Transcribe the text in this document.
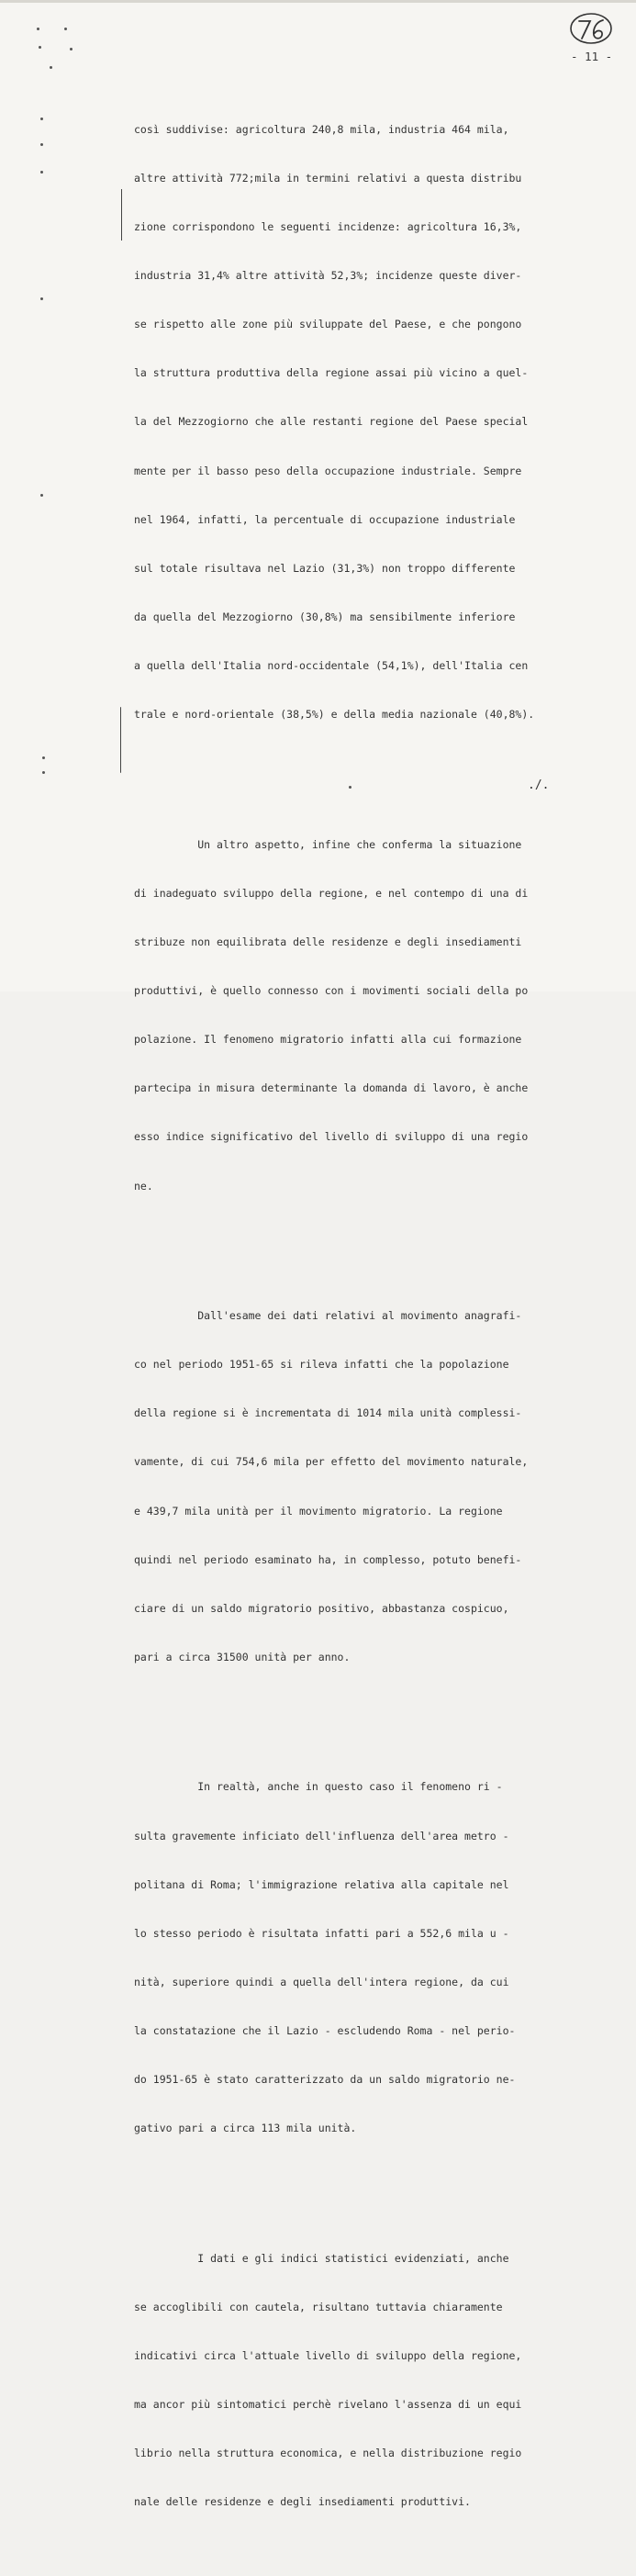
- 11 -

così suddivise: agricoltura 240,8 mila, industria 464 mila,

altre attività 772;mila in termini relativi a questa distribu

zione corrispondono le seguenti incidenze: agricoltura 16,3%,

industria 31,4% altre attività 52,3%; incidenze queste diver-

se rispetto alle zone più sviluppate del Paese, e che pongono

la struttura produttiva della regione assai più vicino a quel-

la del Mezzogiorno che alle restanti regione del Paese special

mente per il basso peso della occupazione industriale. Sempre

nel 1964, infatti, la percentuale di occupazione industriale

sul totale risultava nel Lazio (31,3%) non troppo differente

da quella del Mezzogiorno (30,8%) ma sensibilmente inferiore

a quella dell'Italia nord-occidentale (54,1%), dell'Italia cen

trale e nord-orientale (38,5%) e della media nazionale (40,8%).

Un altro aspetto, infine che conferma la situazione

di inadeguato sviluppo della regione, e nel contempo di una di

stribuze non equilibrata delle residenze e degli insediamenti

produttivi, è quello connesso con i movimenti sociali della po

polazione. Il fenomeno migratorio infatti alla cui formazione

partecipa in misura determinante la domanda di lavoro, è anche

esso indice significativo del livello di sviluppo di una regio

ne.

Dall'esame dei dati relativi al movimento anagrafi-

co nel periodo 1951-65 si rileva infatti che la popolazione

della regione si è incrementata di 1014 mila unità complessi-

vamente, di cui 754,6 mila per effetto del movimento naturale,

e 439,7 mila unità per il movimento migratorio. La regione

quindi nel periodo esaminato ha, in complesso, potuto benefi-

ciare di un saldo migratorio positivo, abbastanza cospicuo,

pari a circa 31500 unità per anno.

In realtà, anche in questo caso il fenomeno ri -

sulta gravemente inficiato dell'influenza dell'area metro -

politana di Roma; l'immigrazione relativa alla capitale nel

lo stesso periodo è risultata infatti pari a 552,6 mila u -

nità, superiore quindi a quella dell'intera regione, da cui

la constatazione che il Lazio - escludendo Roma - nel perio-

do 1951-65 è stato caratterizzato da un saldo migratorio ne-

gativo pari a circa 113 mila unità.

I dati e gli indici statistici evidenziati, anche

se accoglibili con cautela, risultano tuttavia chiaramente

indicativi circa l'attuale livello di sviluppo della regione,

ma ancor più sintomatici perchè rivelano l'assenza di un equi

librio nella struttura economica, e nella distribuzione regio

nale delle residenze e degli insediamenti produttivi.

./.
